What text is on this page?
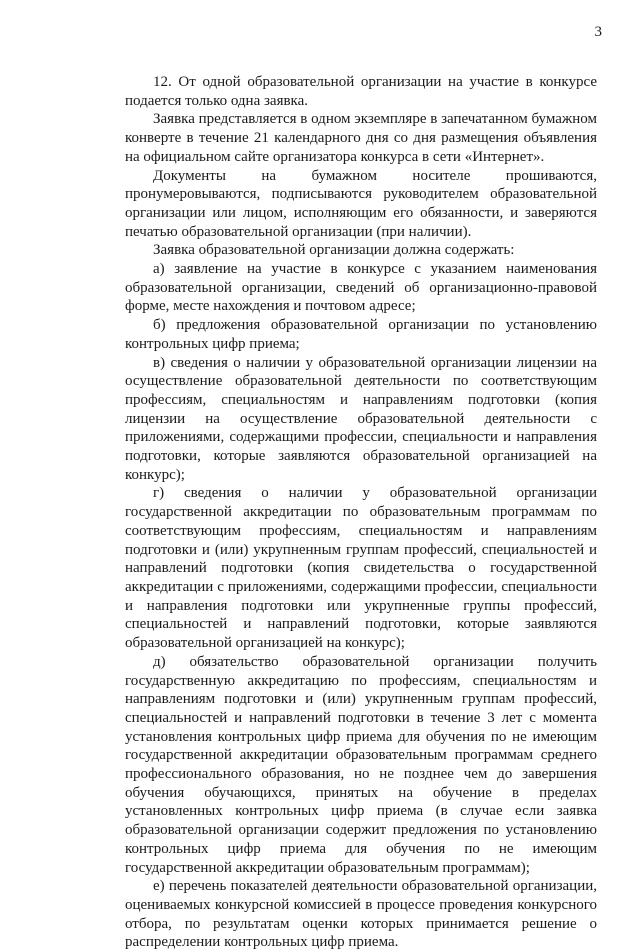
3

12. От одной образовательной организации на участие в конкурсе подается только одна заявка.

Заявка представляется в одном экземпляре в запечатанном бумажном конверте в течение 21 календарного дня со дня размещения объявления на официальном сайте организатора конкурса в сети «Интернет».

Документы на бумажном носителе прошиваются, пронумеровываются, подписываются руководителем образовательной организации или лицом, исполняющим его обязанности, и заверяются печатью образовательной организации (при наличии).

Заявка образовательной организации должна содержать:

а) заявление на участие в конкурсе с указанием наименования образовательной организации, сведений об организационно-правовой форме, месте нахождения и почтовом адресе;

б) предложения образовательной организации по установлению контрольных цифр приема;

в) сведения о наличии у образовательной организации лицензии на осуществление образовательной деятельности по соответствующим профессиям, специальностям и направлениям подготовки (копия лицензии на осуществление образовательной деятельности с приложениями, содержащими профессии, специальности и направления подготовки, которые заявляются образовательной организацией на конкурс);

г) сведения о наличии у образовательной организации государственной аккредитации по образовательным программам по соответствующим профессиям, специальностям и направлениям подготовки и (или) укрупненным группам профессий, специальностей и направлений подготовки (копия свидетельства о государственной аккредитации с приложениями, содержащими профессии, специальности и направления подготовки или укрупненные группы профессий, специальностей и направлений подготовки, которые заявляются образовательной организацией на конкурс);

д) обязательство образовательной организации получить государственную аккредитацию по профессиям, специальностям и направлениям подготовки и (или) укрупненным группам профессий, специальностей и направлений подготовки в течение 3 лет с момента установления контрольных цифр приема для обучения по не имеющим государственной аккредитации образовательным программам среднего профессионального образования, но не позднее чем до завершения обучения обучающихся, принятых на обучение в пределах установленных контрольных цифр приема (в случае если заявка образовательной организации содержит предложения по установлению контрольных цифр приема для обучения по не имеющим государственной аккредитации образовательным программам);

е) перечень показателей деятельности образовательной организации, оцениваемых конкурсной комиссией в процессе проведения конкурсного отбора, по результатам оценки которых принимается решение о распределении контрольных цифр приема.
